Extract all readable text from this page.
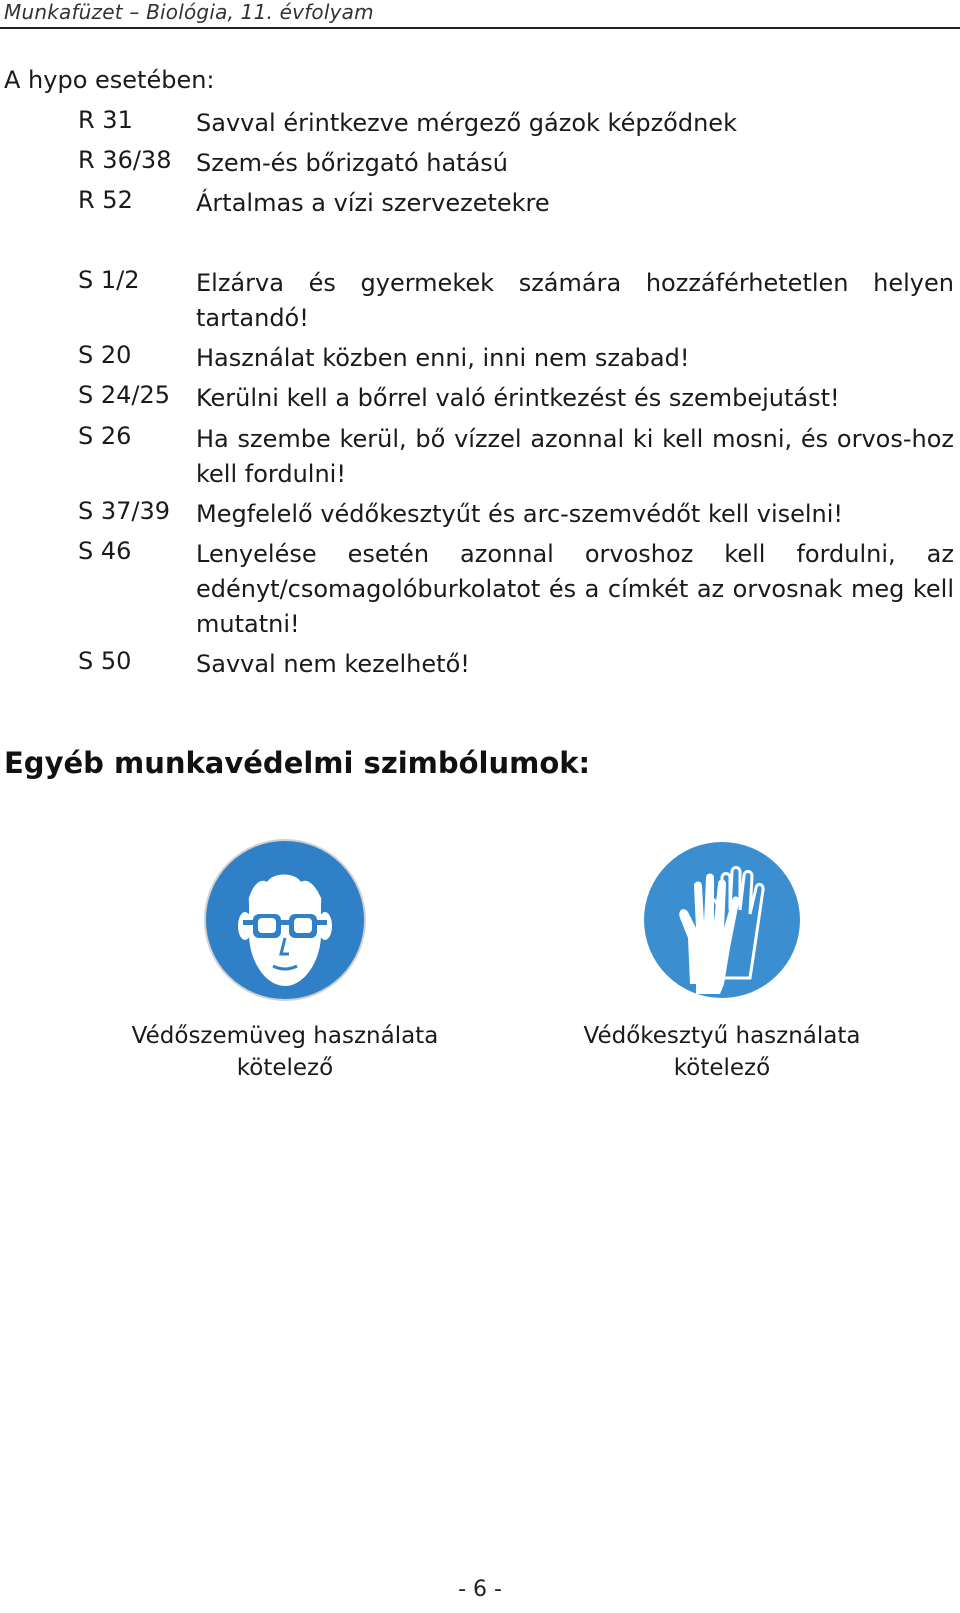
Munkafüzet – Biológia, 11. évfolyam
A hypo esetében:
R 31	Savval érintkezve mérgező gázok képződnek
R 36/38 Szem-és bőrizgató hatású
R 52	Ártalmas a vízi szervezetekre
S 1/2 Elzárva és gyermekek számára hozzáférhetetlen helyen tartandó!
S 20	Használat közben enni, inni nem szabad!
S 24/25 Kerülni kell a bőrrel való érintkezést és szembejutást!
S 26	Ha szembe kerül, bő vízzel azonnal ki kell mosni, és orvos-hoz kell fordulni!
S 37/39 Megfelelő védőkesztyűt és arc-szemvédőt kell viselni!
S 46	Lenyelése esetén azonnal orvoshoz kell fordulni, az edényt/csomagolóburkolatot és a címkét az orvosnak meg kell mutatni!
S 50	Savval nem kezelhető!
Egyéb munkavédelmi szimbólumok:
Védőszemüveg használata
kötelező
Védőkesztyű használata
kötelező
- 6 -
